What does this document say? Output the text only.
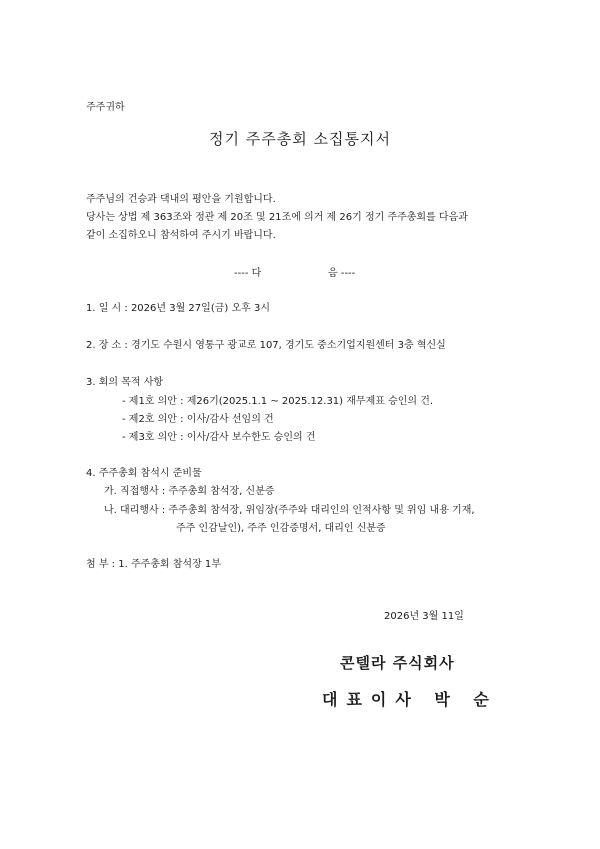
주주귀하
정기 주주총회 소집통지서
주주님의 건승과 댁내의 평안을 기원합니다.
당사는 상법 제 363조와 정관 제 20조 및 21조에 의거 제 26기 정기 주주총회를 다음과
같이 소집하오니 참석하여 주시기 바랍니다.
---- 다	음 ----
1. 일 시 : 2026년 3월 27일(금) 오후 3시
2. 장 소 : 경기도 수원시 영통구 광교로 107, 경기도 중소기업지원센터 3층 혁신실
3. 회의 목적 사항
- 제1호 의안 : 제26기(2025.1.1 ~ 2025.12.31) 재무제표 승인의 건.
- 제2호 의안 : 이사/감사 선임의 건
- 제3호 의안 : 이사/감사 보수한도 승인의 건
4. 주주총회 참석시 준비물
가. 직접행사 : 주주총회 참석장, 신분증
나. 대리행사 : 주주총회 참석장, 위임장(주주와 대리인의 인적사항 및 위임 내용 기재,
주주 인감날인), 주주 인감증명서, 대리인 신분증
첨 부 : 1. 주주총회 참석장 1부
2026년 3월 11일
콘텔라 주식회사
대표이사 박 순
